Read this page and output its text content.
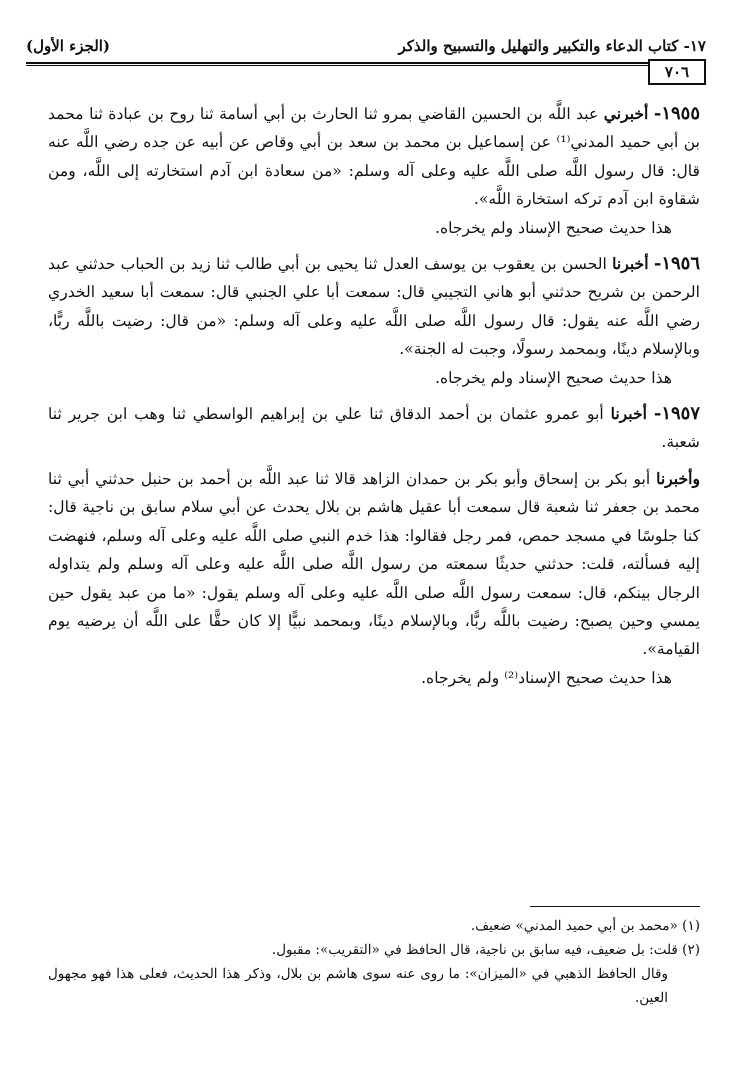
١٧- كتاب الدعاء والتكبير والتهليل والتسبيح والذكر
(الجزء الأول)
٧٠٦

١٩٥٥- أخبرني عبد اللَّه بن الحسين القاضي بمرو ثنا الحارث بن أبي أسامة ثنا روح بن عبادة ثنا محمد بن أبي حميد المدني⁽¹⁾ عن إسماعيل بن محمد بن سعد بن أبي وقاص عن أبيه عن جده رضي اللَّه عنه قال: قال رسول اللَّه صلى اللَّه عليه وعلى آله وسلم: «من سعادة ابن آدم استخارته إلى اللَّه، ومن شقاوة ابن آدم تركه استخارة اللَّه».

هذا حديث صحيح الإسناد ولم يخرجاه.

١٩٥٦- أخبرنا الحسن بن يعقوب بن يوسف العدل ثنا يحيى بن أبي طالب ثنا زيد بن الحباب حدثني عبد الرحمن بن شريح حدثني أبو هاني التجيبي قال: سمعت أبا علي الجنبي قال: سمعت أبا سعيد الخدري رضي اللَّه عنه يقول: قال رسول اللَّه صلى اللَّه عليه وعلى آله وسلم: «من قال: رضيت باللَّه ربًّا، وبالإسلام دينًا، وبمحمد رسولًا، وجبت له الجنة».

هذا حديث صحيح الإسناد ولم يخرجاه.

١٩٥٧- أخبرنا أبو عمرو عثمان بن أحمد الدقاق ثنا علي بن إبراهيم الواسطي ثنا وهب ابن جرير ثنا شعبة.

وأخبرنا أبو بكر بن إسحاق وأبو بكر بن حمدان الزاهد قالا ثنا عبد اللَّه بن أحمد بن حنبل حدثني أبي ثنا محمد بن جعفر ثنا شعبة قال سمعت أبا عقيل هاشم بن بلال يحدث عن أبي سلام سابق بن ناجية قال: كنا جلوسًا في مسجد حمص، فمر رجل فقالوا: هذا خدم النبي صلى اللَّه عليه وعلى آله وسلم، فنهضت إليه فسألته، قلت: حدثني حديثًا سمعته من رسول اللَّه صلى اللَّه عليه وعلى آله وسلم ولم يتداوله الرجال بينكم، قال: سمعت رسول اللَّه صلى اللَّه عليه وعلى آله وسلم يقول: «ما من عبد يقول حين يمسي وحين يصبح: رضيت باللَّه ربًّا، وبالإسلام دينًا، وبمحمد نبيًّا إلا كان حقًّا على اللَّه أن يرضيه يوم القيامة».

هذا حديث صحيح الإسناد⁽²⁾ ولم يخرجاه.

(١) «محمد بن أبي حميد المدني» ضعيف.

(٢) قلت: بل ضعيف، فيه سابق بن ناجية، قال الحافظ في «التقريب»: مقبول.

وقال الحافظ الذهبي في «الميزان»: ما روى عنه سوى هاشم بن بلال، وذكر هذا الحديث، فعلى هذا فهو مجهول العين.
